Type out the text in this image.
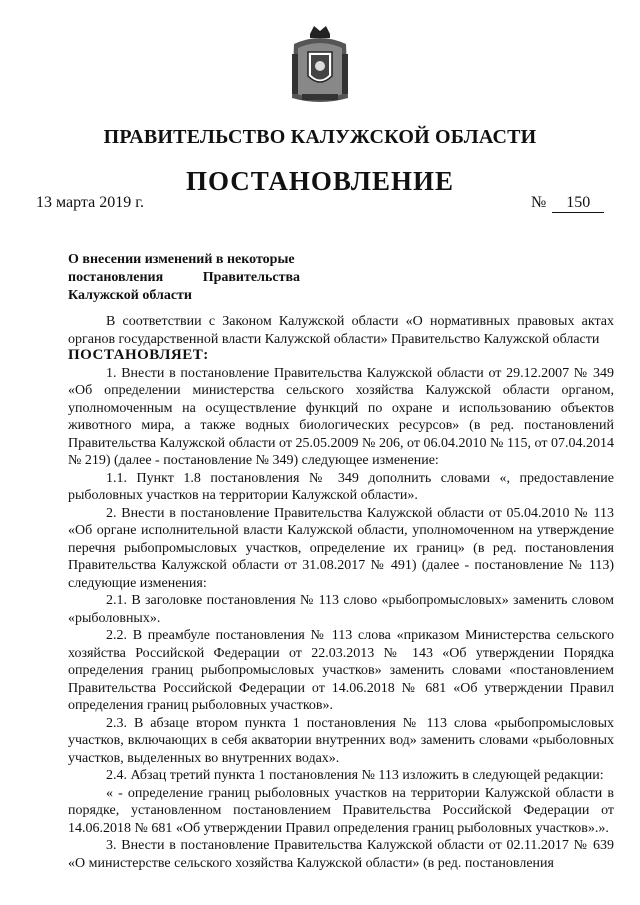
ПРАВИТЕЛЬСТВО КАЛУЖСКОЙ ОБЛАСТИ
ПОСТАНОВЛЕНИЕ
13 марта 2019 г.	№ 150
О внесении изменений в некоторые
постановления Правительства
Калужской области

В соответствии с Законом Калужской области «О нормативных правовых актах органов государственной власти Калужской области» Правительство Калужской области

ПОСТАНОВЛЯЕТ:

1. Внести в постановление Правительства Калужской области от 29.12.2007 № 349 «Об определении министерства сельского хозяйства Калужской области органом, уполномоченным на осуществление функций по охране и использованию объектов животного мира, а также водных биологических ресурсов» (в ред. постановлений Правительства Калужской области от 25.05.2009 № 206, от 06.04.2010 № 115, от 07.04.2014 № 219) (далее - постановление № 349) следующее изменение:

1.1. Пункт 1.8 постановления № 349 дополнить словами «, предоставление рыболовных участков на территории Калужской области».

2. Внести в постановление Правительства Калужской области от 05.04.2010 № 113 «Об органе исполнительной власти Калужской области, уполномоченном на утверждение перечня рыбопромысловых участков, определение их границ» (в ред. постановления Правительства Калужской области от 31.08.2017 № 491) (далее - постановление № 113) следующие изменения:

2.1. В заголовке постановления № 113 слово «рыбопромысловых» заменить словом «рыболовных».

2.2. В преамбуле постановления № 113 слова «приказом Министерства сельского хозяйства Российской Федерации от 22.03.2013 № 143 «Об утверждении Порядка определения границ рыбопромысловых участков» заменить словами «постановлением Правительства Российской Федерации от 14.06.2018 № 681 «Об утверждении Правил определения границ рыболовных участков».

2.3. В абзаце втором пункта 1 постановления № 113 слова «рыбопромысловых участков, включающих в себя акватории внутренних вод» заменить словами «рыболовных участков, выделенных во внутренних водах».

2.4. Абзац третий пункта 1 постановления № 113 изложить в следующей редакции:

« - определение границ рыболовных участков на территории Калужской области в порядке, установленном постановлением Правительства Российской Федерации от 14.06.2018 № 681 «Об утверждении Правил определения границ рыболовных участков».».

3. Внести в постановление Правительства Калужской области от 02.11.2017 № 639 «О министерстве сельского хозяйства Калужской области» (в ред. постановления
